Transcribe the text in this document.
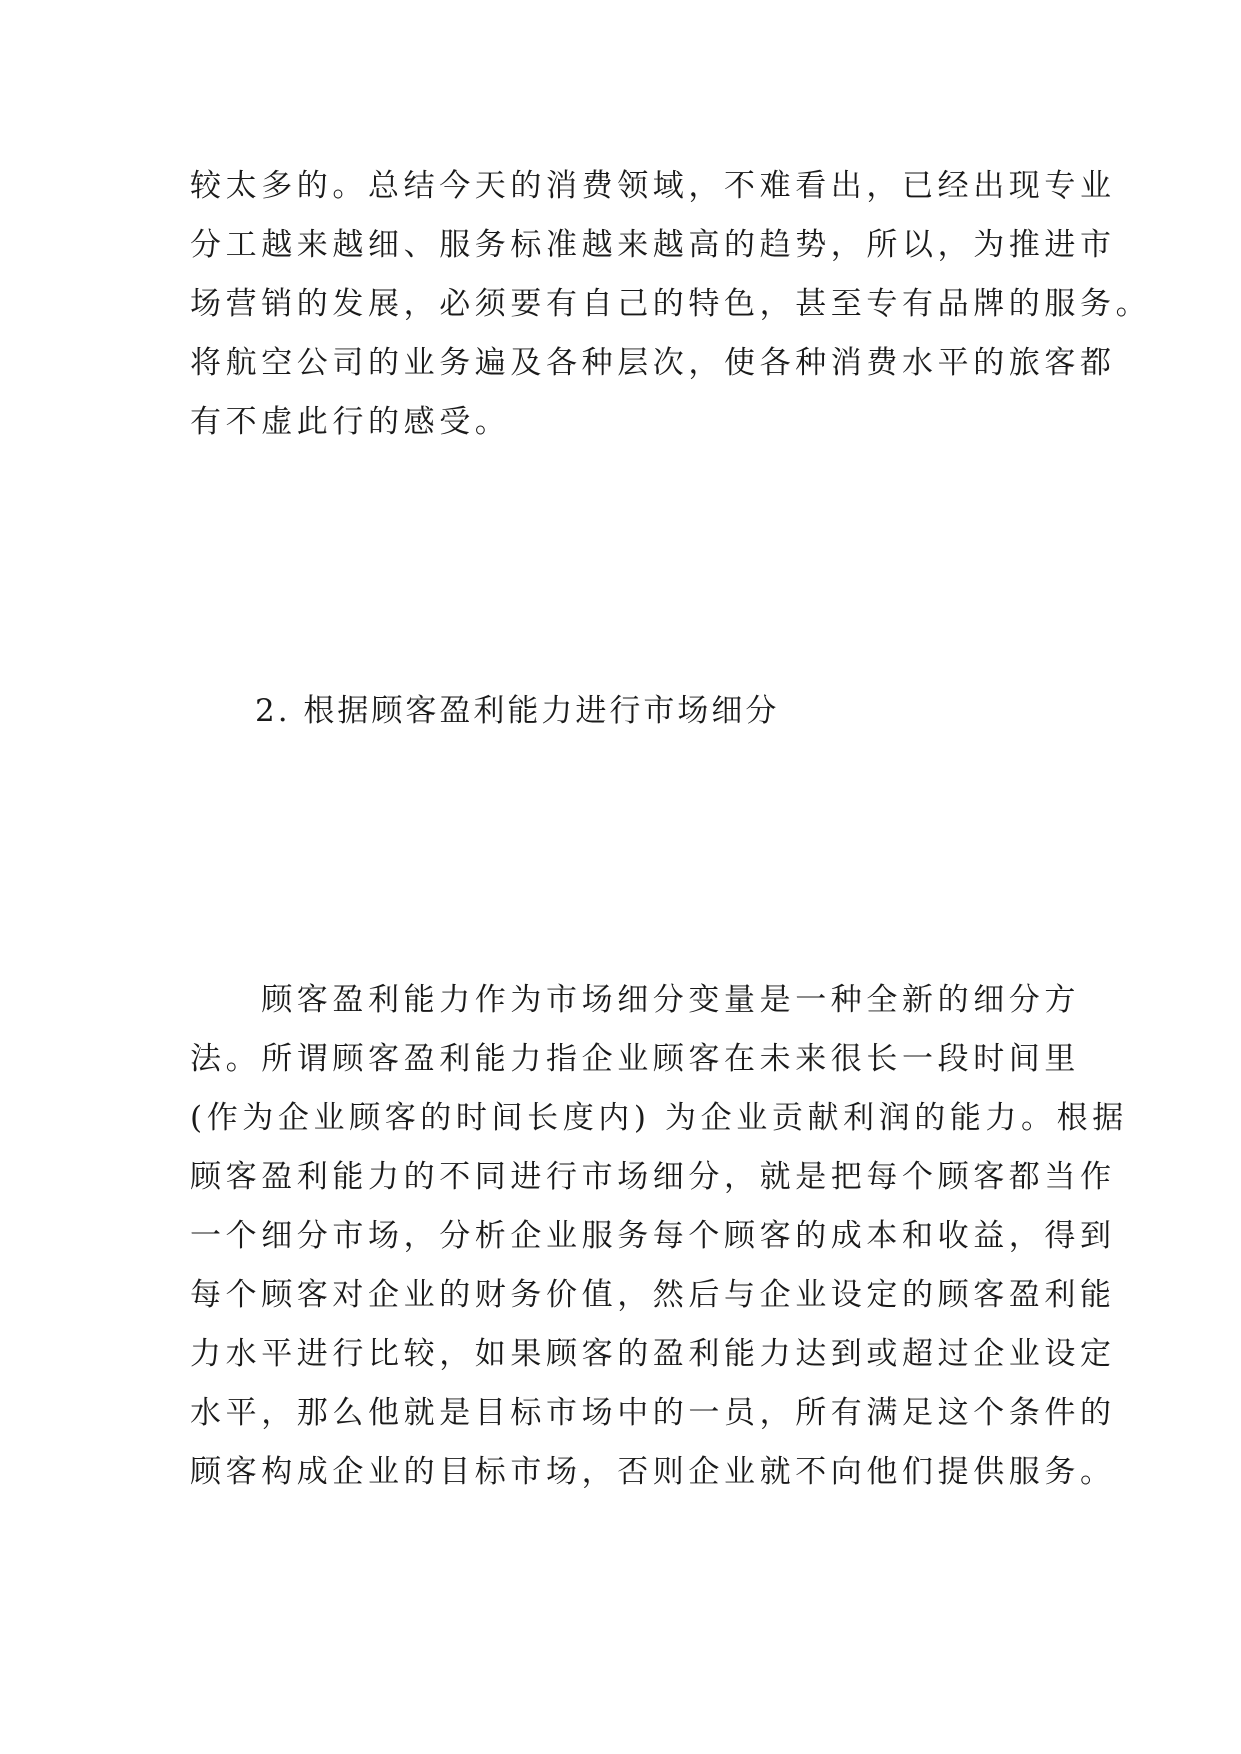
较太多的。总结今天的消费领域，不难看出，已经出现专业
分工越来越细、服务标准越来越高的趋势，所以，为推进市
场营销的发展，必须要有自己的特色，甚至专有品牌的服务。
将航空公司的业务遍及各种层次，使各种消费水平的旅客都
有不虚此行的感受。
2. 根据顾客盈利能力进行市场细分
　　顾客盈利能力作为市场细分变量是一种全新的细分方
法。所谓顾客盈利能力指企业顾客在未来很长一段时间里
(作为企业顾客的时间长度内) 为企业贡献利润的能力。根据
顾客盈利能力的不同进行市场细分，就是把每个顾客都当作
一个细分市场，分析企业服务每个顾客的成本和收益，得到
每个顾客对企业的财务价值，然后与企业设定的顾客盈利能
力水平进行比较，如果顾客的盈利能力达到或超过企业设定
水平，那么他就是目标市场中的一员，所有满足这个条件的
顾客构成企业的目标市场，否则企业就不向他们提供服务。
